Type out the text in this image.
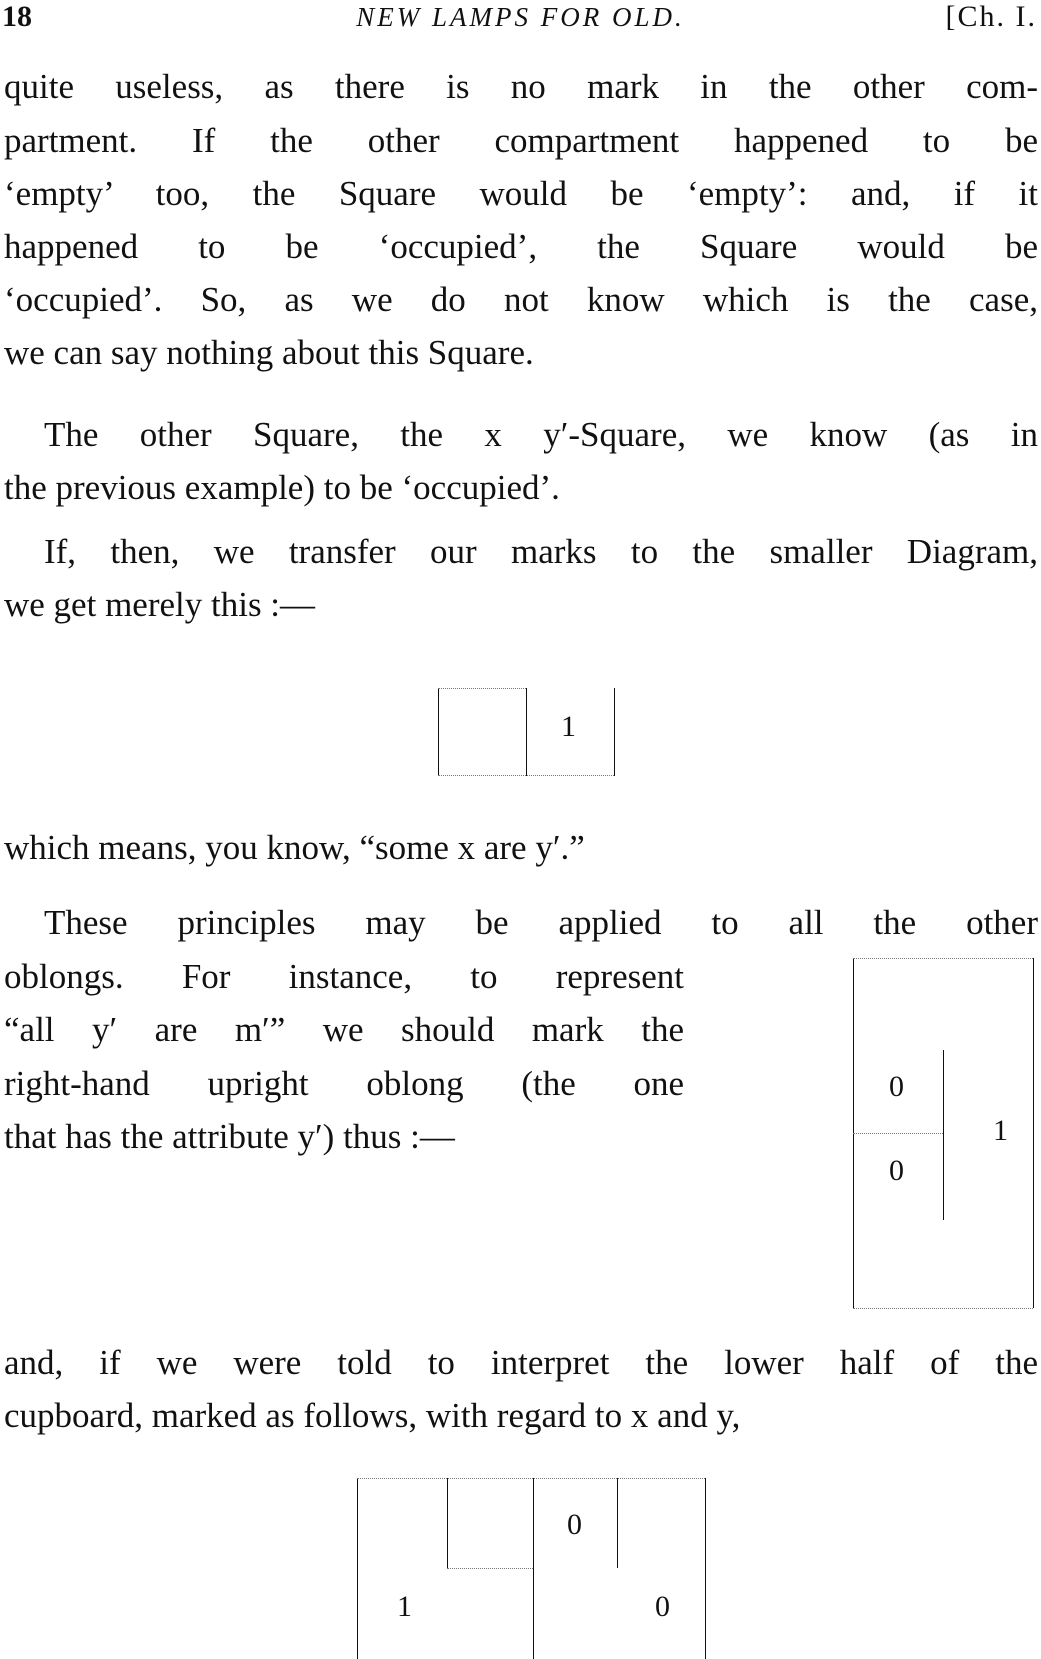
18	NEW LAMPS FOR OLD.	[Ch. I.
quite useless, as there is no mark in the other com-
partment. If the other compartment happened to be
‘empty’ too, the Square would be ‘empty’: and, if it
happened to be ‘occupied’, the Square would be
‘occupied’. So, as we do not know which is the case,
we can say nothing about this Square.
The other Square, the x y′-Square, we know (as in
the previous example) to be ‘occupied’.
If, then, we transfer our marks to the smaller Diagram,
we get merely this :—
1
which means, you know, “some x are y′.”
These principles may be applied to all the other
oblongs. For instance, to represent
“all y′ are m′” we should mark the
right-hand upright oblong (the one
that has the attribute y′) thus :—
0
0
1
and, if we were told to interpret the lower half of the
cupboard, marked as follows, with regard to x and y,
0
1	0
